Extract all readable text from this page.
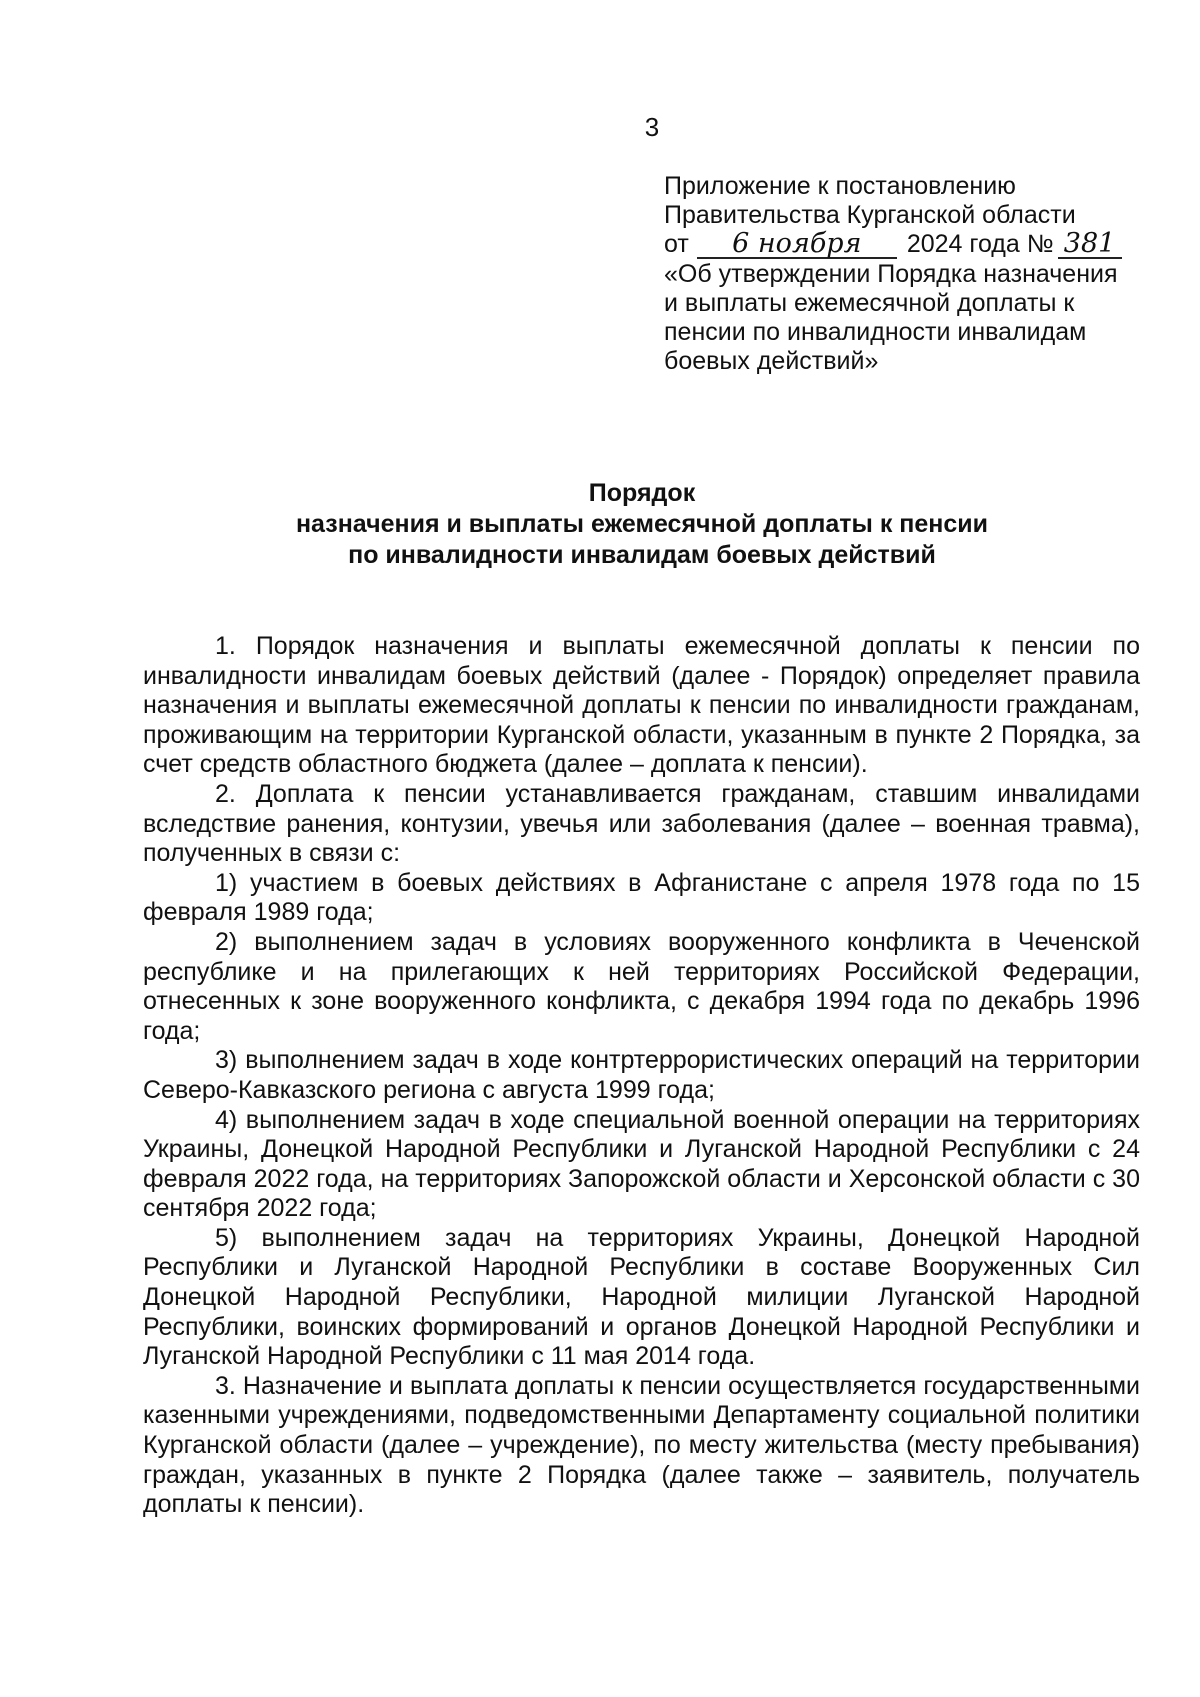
3
Приложение к постановлению
Правительства Курганской области
от 6 ноября 2024 года № 381
«Об утверждении Порядка назначения
и выплаты ежемесячной доплаты к
пенсии по инвалидности инвалидам
боевых действий»
Порядок
назначения и выплаты ежемесячной доплаты к пенсии
по инвалидности инвалидам боевых действий

1. Порядок назначения и выплаты ежемесячной доплаты к пенсии по инвалидности инвалидам боевых действий (далее - Порядок) определяет правила назначения и выплаты ежемесячной доплаты к пенсии по инвалидности гражданам, проживающим на территории Курганской области, указанным в пункте 2 Порядка, за счет средств областного бюджета (далее – доплата к пенсии).

2. Доплата к пенсии устанавливается гражданам, ставшим инвалидами вследствие ранения, контузии, увечья или заболевания (далее – военная травма), полученных в связи с:

1) участием в боевых действиях в Афганистане с апреля 1978 года по 15 февраля 1989 года;

2) выполнением задач в условиях вооруженного конфликта в Чеченской республике и на прилегающих к ней территориях Российской Федерации, отнесенных к зоне вооруженного конфликта, с декабря 1994 года по декабрь 1996 года;

3) выполнением задач в ходе контртеррористических операций на территории Северо-Кавказского региона с августа 1999 года;

4) выполнением задач в ходе специальной военной операции на территориях Украины, Донецкой Народной Республики и Луганской Народной Республики с 24 февраля 2022 года, на территориях Запорожской области и Херсонской области с 30 сентября 2022 года;

5) выполнением задач на территориях Украины, Донецкой Народной Республики и Луганской Народной Республики в составе Вооруженных Сил Донецкой Народной Республики, Народной милиции Луганской Народной Республики, воинских формирований и органов Донецкой Народной Республики и Луганской Народной Республики с 11 мая 2014 года.

3. Назначение и выплата доплаты к пенсии осуществляется государственными казенными учреждениями, подведомственными Департаменту социальной политики Курганской области (далее – учреждение), по месту жительства (месту пребывания) граждан, указанных в пункте 2 Порядка (далее также – заявитель, получатель доплаты к пенсии).
